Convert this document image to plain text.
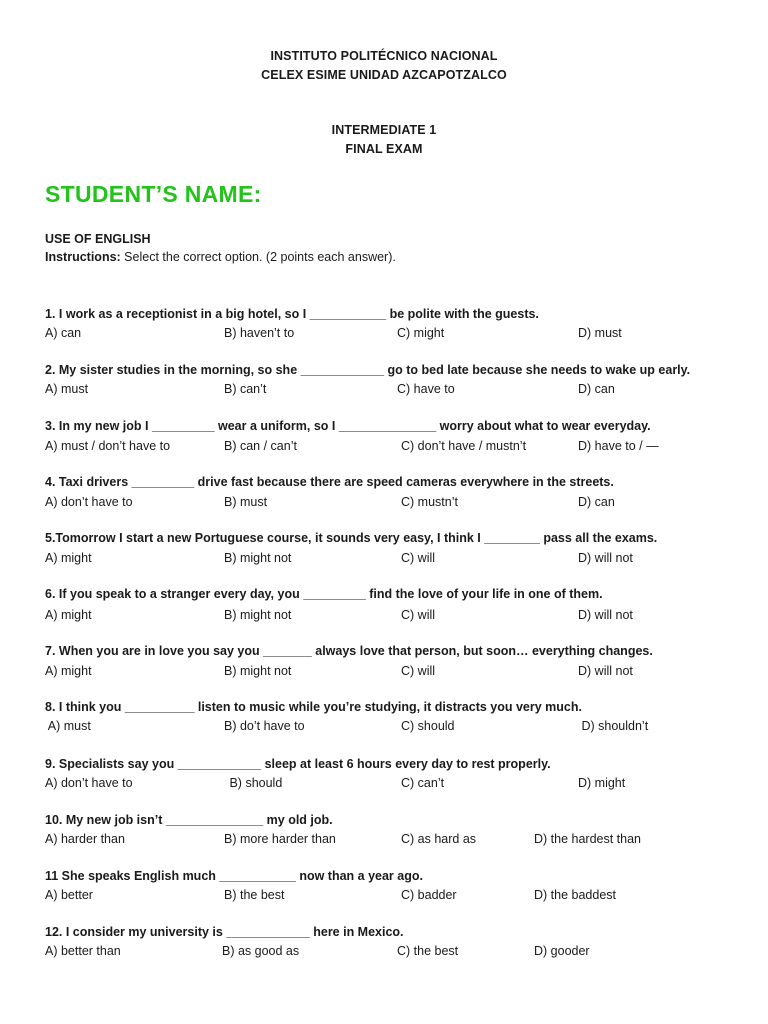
INSTITUTO POLITÉCNICO NACIONAL
CELEX ESIME UNIDAD AZCAPOTZALCO
INTERMEDIATE 1
FINAL EXAM
STUDENT’S NAME:
USE OF ENGLISH
Instructions: Select the correct option. (2 points each answer).
1. I work as a receptionist in a big hotel, so I ___________ be polite with the guests.
A) can	B) haven’t to	C) might	D) must
2. My sister studies in the morning, so she ____________ go to bed late because she needs to wake up early.
A) must	B) can’t	C) have to	D) can
3. In my new job I _________ wear a uniform, so I ______________ worry about what to wear everyday.
A) must / don’t have to	B) can / can’t	C) don’t have / mustn’t	D) have to / —
4. Taxi drivers _________ drive fast because there are speed cameras everywhere in the streets.
A) don’t have to	B) must	C) mustn’t	D) can
5.Tomorrow I start a new Portuguese course, it sounds very easy, I think I ________ pass all the exams.
A) might	B) might not	C) will	D) will not
6. If you speak to a stranger every day, you _________ find the love of your life in one of them.
A) might	B) might not	C) will	D) will not
7. When you are in love you say you _______ always love that person, but soon… everything changes.
A) might	B) might not	C) will	D) will not
8. I think you __________ listen to music while you’re studying, it distracts you very much.
A) must	B) do’t have to	C) should	D) shouldn’t
9. Specialists say you ____________ sleep at least 6 hours every day to rest properly.
A) don’t have to	B) should	C) can’t	D) might
10. My new job isn’t ______________ my old job.
A) harder than	B) more harder than	C) as hard as	D) the hardest than
11 She speaks English much ___________ now than a year ago.
A) better	B) the best	C) badder	D) the baddest
12. I consider my university is ____________ here in Mexico.
A) better than	B) as good as	C) the best	D) gooder
